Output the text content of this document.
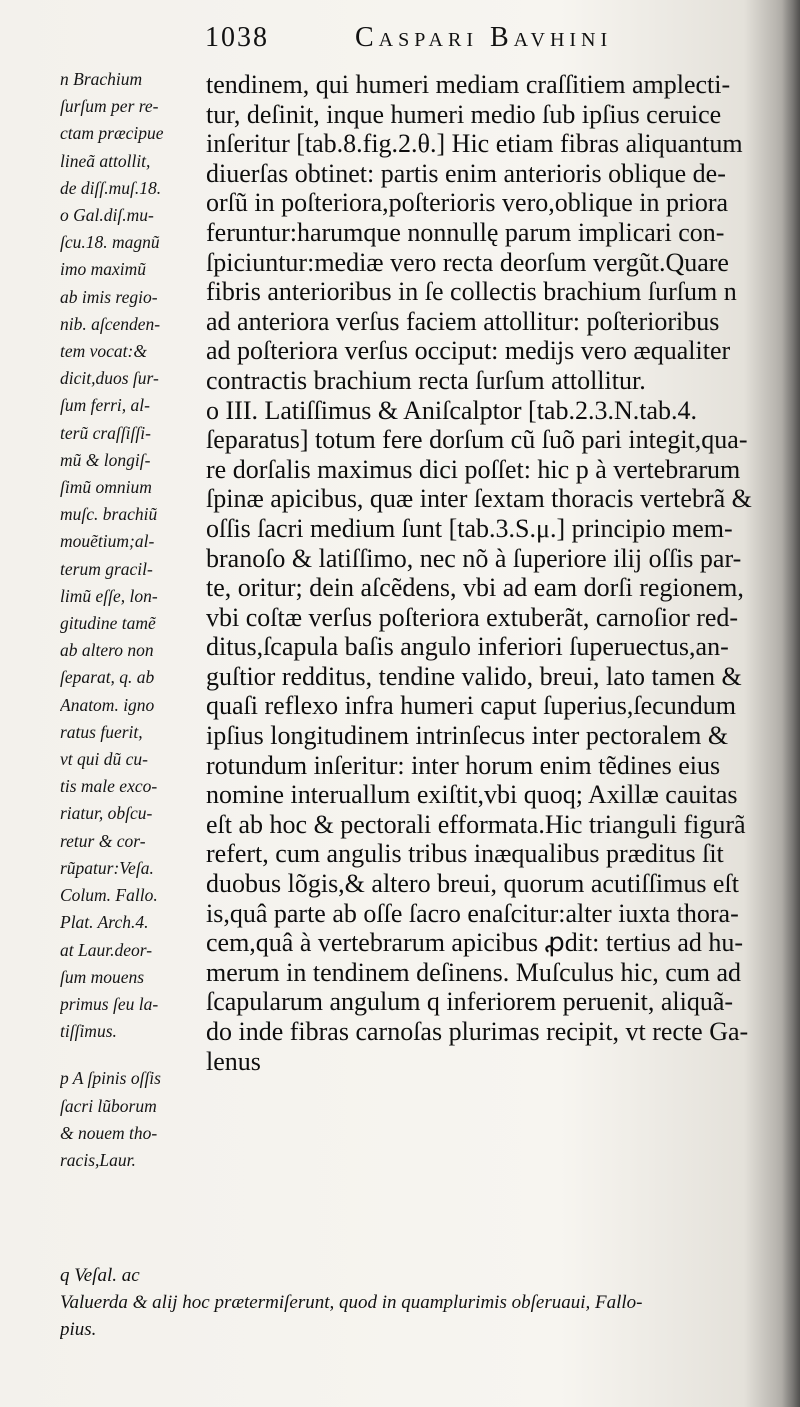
1038	Caspari Bavhini
n Brachium
ſurſum per re-
ctam præcipue
lineã attollit,
de diſſ.muſ.18.
o Gal.diſ.mu-
ſcu.18. magnũ
imo maximũ
ab imis regio-
nib. aſcenden-
tem vocat:&
dicit,duos ſur-
ſum ferri, al-
terũ craſſiſſi-
mũ & longiſ-
ſimũ omnium
muſc. brachiũ
mouẽtium;al-
terum gracil-
limũ eſſe, lon-
gitudine tamẽ
ab altero non
ſeparat, q. ab
Anatom. igno
ratus fuerit,
vt qui dũ cu-
tis male exco-
riatur, obſcu-
retur & cor-
rũpatur:Veſa.
Colum. Fallo.
Plat. Arch.4.
at Laur.deor-
ſum mouens
primus ſeu la-
tiſſimus.
p A ſpinis oſſis
ſacri lũborum
& nouem tho-
racis,Laur.
tendinem, qui humeri mediam craſſitiem amplecti-
tur, deſinit, inque humeri medio ſub ipſius ceruice
inſeritur [tab.8.fig.2.θ.] Hic etiam fibras aliquantum
diuerſas obtinet: partis enim anterioris oblique de-
orſũ in poſteriora,poſterioris vero,oblique in priora
feruntur:harumque nonnullę parum implicari con-
ſpiciuntur:mediæ vero recta deorſum vergũt.Quare
fibris anterioribus in ſe collectis brachium ſurſum n
ad anteriora verſus faciem attollitur: poſterioribus
ad poſteriora verſus occiput: medijs vero æqualiter
contractis brachium recta ſurſum attollitur.
o III. Latiſſimus & Aniſcalptor [tab.2.3.N.tab.4.
ſeparatus] totum fere dorſum cũ ſuõ pari integit,qua-
re dorſalis maximus dici poſſet: hic p à vertebrarum
ſpinæ apicibus, quæ inter ſextam thoracis vertebrã &
oſſis ſacri medium ſunt [tab.3.S.μ.] principio mem-
branoſo & latiſſimo, nec nõ à ſuperiore ilij oſſis par-
te, oritur; dein aſcẽdens, vbi ad eam dorſi regionem,
vbi coſtæ verſus poſteriora extuberãt, carnoſior red-
ditus,ſcapula baſis angulo inferiori ſuperuectus,an-
guſtior redditus, tendine valido, breui, lato tamen &
quaſi reflexo infra humeri caput ſuperius,ſecundum
ipſius longitudinem intrinſecus inter pectoralem &
rotundum inſeritur: inter horum enim tẽdines eius
nomine interuallum exiſtit,vbi quoq; Axillæ cauitas
eſt ab hoc & pectorali efformata.Hic trianguli figurã
refert, cum angulis tribus inæqualibus præditus ſit
duobus lõgis,& altero breui, quorum acutiſſimus eſt
is,quâ parte ab oſſe ſacro enaſcitur:alter iuxta thora-
cem,quâ à vertebrarum apicibus ꝓdit: tertius ad hu-
merum in tendinem deſinens. Muſculus hic, cum ad
ſcapularum angulum q inferiorem peruenit, aliquã-
do inde fibras carnoſas plurimas recipit, vt recte Ga-
lenus
q Veſal. ac
Valuerda & alij hoc prætermiſerunt, quod in quamplurimis obſeruaui, Fallo-
pius.
